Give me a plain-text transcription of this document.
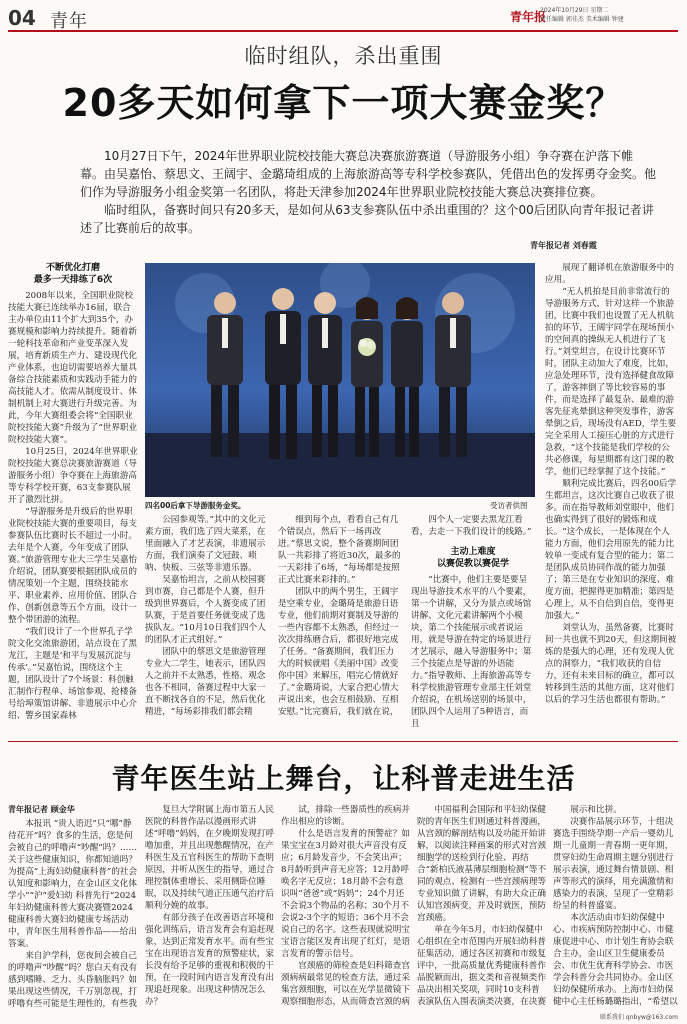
04 青年	青年报
2024年10月29日 星期二
责任编辑 郭佳杰 美术编辑 钟建
临时组队，杀出重围
20多天如何拿下一项大赛金奖？

10月27日下午，2024年世界职业院校技能大赛总决赛旅游赛道（导游服务小组）争夺赛在沪落下帷幕。由吴嘉怡、蔡思文、王阔宇、金璐琦组成的上海旅游高等专科学校参赛队，凭借出色的发挥勇夺金奖。他们作为导游服务小组金奖第一名团队，将赴天津参加2024年世界职业院校技能大赛总决赛排位赛。

临时组队，备赛时间只有20多天，是如何从63支参赛队伍中杀出重围的？这个00后团队向青年报记者讲述了比赛前后的故事。

青年报记者 刘春霞
不断优化打磨
最多一天排练了6次

2008年以来，全国职业院校技能大赛已连续举办16届，联合主办单位由11个扩大到35个，办赛规模和影响力持续提升。随着新一轮科技革命和产业变革深入发展，培育新质生产力、建设现代化产业体系，也迫切需要培养大量具备综合技能素质和实践动手能力的高技能人才。依需从制度设计、体制机制上对大赛进行升级完善。为此，今年大赛组委会将“全国职业院校技能大赛”升级为了“世界职业院校技能大赛”。

10月25日，2024年世界职业院校技能大赛总决赛旅游赛道（导游服务小组）争夺赛在上海旅游高等专科学校开赛，63支参赛队展开了激烈比拼。

“导游服务是升级后的世界职业院校技能大赛的重要项目，每支参赛队伍比赛时长不超过一小时。去年是个人赛，今年变成了团队赛。”旅游管理专业大三学生吴嘉怡介绍说，团队赛要根据团队成员的情况策划一个主题，围绕技能水平、职业素养、应用价值、团队合作、创新创意等五个方面，设计一整个带团游的流程。

“我们设计了一个世界孔子学院文化交流旅游团，站点设在了黑龙江，主题是‘和平与发展沉淀与传承’。”吴嘉怡说，围绕这个主题，团队设计了7个场景：科创触汇制作行程单、场馆参观、抢楼备号给埠策馆讲解、非遗展示中心介绍、警乡国家森林

四名00后拿下导游服务金奖。	受访者供图

公园参观等。”其中的文化元素方面，我们选了四大菜系，在里面融入了才艺表演，非遗展示方面，我们演奏了文冠鼓、唢呐、快板、三弦等非遗乐器。

吴嘉怡坦言，之前从校园赛到市赛，自己都是个人赛，但升级到世界赛后，个人赛变成了团队赛，于是首要任务就变成了选拔队友。“10月10日我们四个人的团队才正式组好。”

团队中的蔡思文是旅游管理专业大二学生，她表示，团队四人之前并不太熟悉，性格、观念也各不相同，备赛过程中大家一直不断找各自的不足，然后优化精进，“每场彩排我们都会精

细到每个点，看看自己有几个错误点，然后下一场再改进。”蔡思文说，整个备赛期间团队一共彩排了将近30次，最多的一天彩排了6场，“每场都是按照正式比赛来彩排的。”

团队中的两个男生，王阔宇是空乘专业，金璐琦是旅游日语专业，他们前期对赛制及导游的一些内容都不太熟悉，但经过一次次排练磨合后，都很好地完成了任务。“备赛期间，我们压力大的时候就唱《美丽中国》改变你中国》来解压，唱完心情就好了。”金璐琦说，大家合把心情大声说出来，也会互相鼓励、互相安慰。”比完赛后，我们就在说，

四个人一定要去黑龙江看看，去走一下我们设计的线路。”

主动上难度
以赛促教以赛促学

“比赛中，他们主要是要呈现出导游技术水平的八个要素，第一个讲解，又分为景点或场馆讲解、文化元素讲解两个小模块，第二个技能展示或者说运用，就是导游在特定的场景进行才艺展示，融入导游服务中；第三个技能点是导游的外语能力。”指导教师、上海旅游高等专科学校旅游管理专业部主任刘堂介绍说，在机场送别的场景中，团队四个人运用了5种语言，而且

展现了翻译机在旅游服务中的应用。

“无人机拍是目前非常流行的导游服务方式，针对这样一个旅游团，比赛中我们也设置了无人机航拍的环节，王阔宇同学在现场预小的空间真的操纵无人机进行了飞行。”刘堂坦言，在设计比赛环节时，团队主动加大了难度，比如，应急处理环节，没有选择健食故障了，游客摔倒了等比较容易的事件，而是选择了最复杂、最难的游客先征兆晕倒这种突发事件，游客晕倒之后，现场没有AED，学生要完全采用人工接压心脏的方式进行急救，“这个技能是我们学校的公共必修课，每星期都有这门课的教学，他们已经掌握了这个技能。”

顺利完成比赛后，四名00后学生都坦言，这次比赛自己收获了很多。而在指导教师刘堂眼中，他们也确实得到了很好的锻炼和成长。“这个成长，一是体现在个人能力方面，他们会用原先的能力比较单一变成有复合型的能力；第二是团队成员协同作战的能力加强了；第三是在专业知识的深度、难度方面，把握得更加精准；第四是心理上，从不自信到自信，变得更加强大。”

刘堂认为，虽然备赛，比赛时间一共也就不到20天，但这期间被炼的是强大的心理，还有发现人优点的洞察力，“我们收获的自信力，还有未来目标的确立，都可以转移到生活的其他方面，这对他们以后的学习生活也都很有帮助。”

青年医生站上舞台，让科普走进生活
青年报记者 顾金华

本报讯 “贵人语迟”只“哪”静待花开“吗？食多的生活，您是何会被自己的呼噜声“吵醒”吗？……关于这些健康知识，你都知道吗？为提高“上海妇幼健康科普”的社会认知度和影响力，在金山区文化体学小”“沪”爱妇幼 科普先行“2024年妇幼健康科普大赛决赛暨2024健康科普大赛妇幼健康专场活动中，青年医生用科普作品——给出答案。

来自沪学科，您夜间会被自己的呼噜声“吵醒”吗？您白天有没有感到嗜睡、乏力、头昏脑胀吗？如果出现这些情况，千万别忽视，打呼噜有些可能是生理性的，有些我

复旦大学附属上海市第五人民医院的科普作品以漫画形式讲述“呼噜”妈妈，在夕晚期发现打呼噜加重，并且出现憋醒情况，在产科医生及五官科医生的帮助下查明原因，并听从医生的指导，通过合理控制体重增长、采用侧卧位睡眠，以及持续气道正压通气治疗后顺利分娩的故事。

有部分孩子在改善语言环境和强化训练后，语言发育会有追赶现象，达到正常发育水平。而有些宝宝在出现语言发育的预警症状，家长没有给予足够的重视和积极的干预，在一段时间内语言发育没有出现追赶现象。出现这种情况怎么办？

试，排除一些器质性的疾病并作出相应的诊断。

什么是语言发育的预警症？如果宝宝在3月龄对很大声音没有反应；6月龄发音少，不会笑出声；8月龄听到声音无应答；12月龄呼唤名字无反应；18月龄不会有意识叫“爸爸”或“妈妈”；24个月还不会说3个物品的名称；30个月不会说2-3个字的短语；36个月不会说自己的名字。这些表现就说明宝宝语言能区发育出现了红灯，是语言发育的警示信号。

宫颈癌的筛检查是妇科筛查宫颈病病最常见的检查方法，通过采集宫颈细胞，可以在光学显微镜下观察细胞形态，从而筛查宫颈的病

中国福利会国际和平妇幼保健院的青年医生们则通过科普漫画，从宫颈的解剖结构以及功能开始讲解，以阅读注释画案的形式对宫颈细胞学的送检到行化验、再结合“新柏氏液基薄层细胞检测”等不同的观点、检测有一些宫颈病理等专业知识做了讲解，有助大众正确认知宫颈病变，并及时就医，预防宫颈癌。

单在今年5月，市妇幼保健中心组织在全市范围内开展妇幼科普征集活动，通过各区初赛和市级复评中，一批高质量优秀健康科普作品脱颖而出，据文类和音视频类作品决出相关奖项，同时10支科普表演队伍入围表演类决赛，在决赛

展示和比拼。

决赛作品展示环节，十组决赛选手围绕孕期一产后一婴幼儿期一儿童期一青春期一更年期，贯穿妇幼生命周期主题分别进行展示表演，通过舞台情景剧、相声等形式的演绎，用充满激情和感染力的表演，呈现了一堂精彩纷呈的科普盛宴。

本次活动由市妇幼保健中心、市疾病预防控制中心、市健康促进中心、市计划生育协会联合主办，金山区卫生健康委员会、市优生优育科学协会、市医学会科普分会共同协办。金山区妇幼保健所承办。上海市妇幼保健中心主任杨璐璐指出，“希望以

联系我们 qnbyw@163.com
